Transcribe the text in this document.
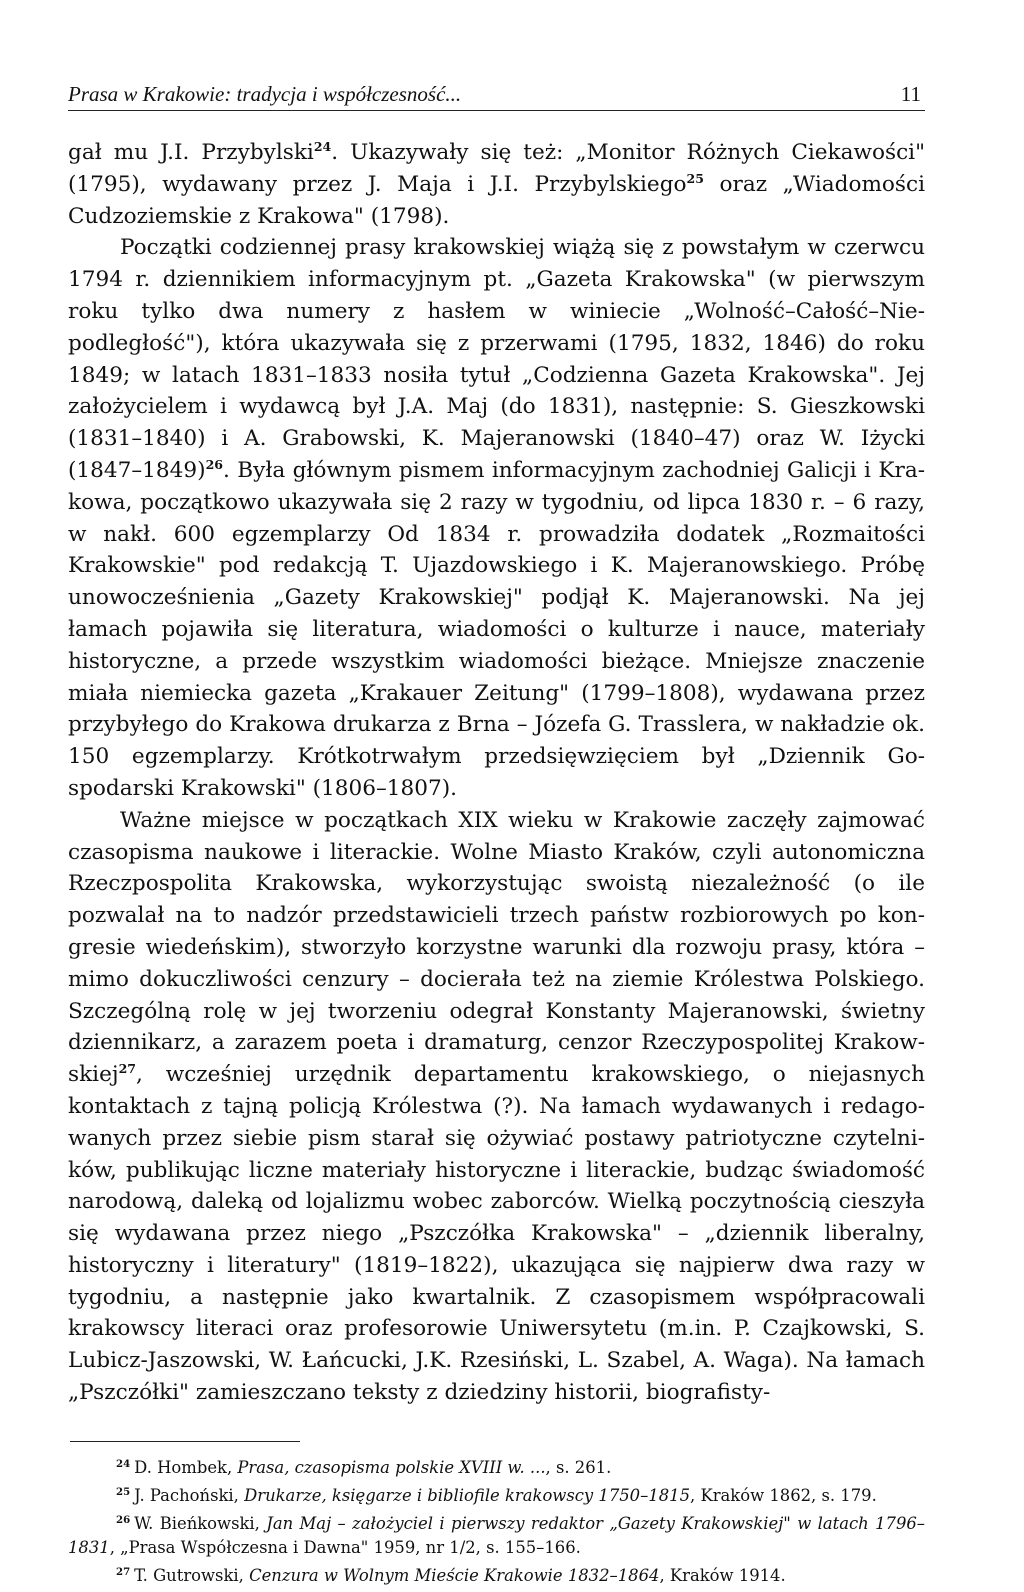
Prasa w Krakowie: tradycja i współczesność...	11

gał mu J.I. Przybylski$^{24}$. Ukazywały się też: „Monitor Różnych Ciekawości" (1795), wydawany przez J. Maja i J.I. Przybylskiego$^{25}$ oraz „Wiadomości Cudzoziemskie z Krakowa" (1798).

Początki codziennej prasy krakowskiej wiążą się z powstałym w czerwcu 1794 r. dziennikiem informacyjnym pt. „Gazeta Krakowska" (w pierwszym roku tylko dwa numery z hasłem w winiecie „Wolność–Całość–Niepodległość"), która ukazywała się z przerwami (1795, 1832, 1846) do roku 1849; w latach 1831–1833 nosiła tytuł „Codzienna Gazeta Krakowska". Jej założycielem i wydawcą był J.A. Maj (do 1831), następnie: S. Gieszkowski (1831–1840) i A. Grabowski, K. Majeranowski (1840–47) oraz W. Iżycki (1847–1849)$^{26}$. Była głównym pismem informacyjnym zachodniej Galicji i Krakowa, początkowo ukazywała się 2 razy w tygodniu, od lipca 1830 r. – 6 razy, w nakł. 600 egzemplarzy Od 1834 r. prowadziła dodatek „Rozmaitości Krakowskie" pod redakcją T. Ujazdowskiego i K. Majeranowskiego. Próbę unowocześnienia „Gazety Krakowskiej" podjął K. Majeranowski. Na jej łamach pojawiła się literatura, wiadomości o kulturze i nauce, materiały historyczne, a przede wszystkim wiadomości bieżące. Mniejsze znaczenie miała niemiecka gazeta „Krakauer Zeitung" (1799–1808), wydawana przez przybyłego do Krakowa drukarza z Brna – Józefa G. Trasslera, w nakładzie ok. 150 egzemplarzy. Krótkotrwałym przedsięwzięciem był „Dziennik Gospodarski Krakowski" (1806–1807).

Ważne miejsce w początkach XIX wieku w Krakowie zaczęły zajmować czasopisma naukowe i literackie. Wolne Miasto Kraków, czyli autonomiczna Rzeczpospolita Krakowska, wykorzystując swoistą niezależność (o ile pozwalał na to nadzór przedstawicieli trzech państw rozbiorowych po kongresie wiedeńskim), stworzyło korzystne warunki dla rozwoju prasy, która – mimo dokuczliwości cenzury – docierała też na ziemie Królestwa Polskiego. Szczególną rolę w jej tworzeniu odegrał Konstanty Majeranowski, świetny dziennikarz, a zarazem poeta i dramaturg, cenzor Rzeczypospolitej Krakowskiej$^{27}$, wcześniej urzędnik departamentu krakowskiego, o niejasnych kontaktach z tajną policją Królestwa (?). Na łamach wydawanych i redagowanych przez siebie pism starał się ożywiać postawy patriotyczne czytelników, publikując liczne materiały historyczne i literackie, budząc świadomość narodową, daleką od lojalizmu wobec zaborców. Wielką poczytnością cieszyła się wydawana przez niego „Pszczółka Krakowska" – „dziennik liberalny, historyczny i literatury" (1819–1822), ukazująca się najpierw dwa razy w tygodniu, a następnie jako kwartalnik. Z czasopismem współpracowali krakowscy literaci oraz profesorowie Uniwersytetu (m.in. P. Czajkowski, S. Lubicz-Jaszowski, W. Łańcucki, J.K. Rzesiński, L. Szabel, A. Waga). Na łamach „Pszczółki" zamieszczano teksty z dziedziny historii, biografisty-

$^{24}$ D. Hombek, Prasa, czasopisma polskie XVIII w. ..., s. 261.

$^{25}$ J. Pachoński, Drukarze, księgarze i bibliofile krakowscy 1750–1815, Kraków 1862, s. 179.

$^{26}$ W. Bieńkowski, Jan Maj – założyciel i pierwszy redaktor „Gazety Krakowskiej" w latach 1796–1831, „Prasa Współczesna i Dawna" 1959, nr 1/2, s. 155–166.

$^{27}$ T. Gutrowski, Cenzura w Wolnym Mieście Krakowie 1832–1864, Kraków 1914.
